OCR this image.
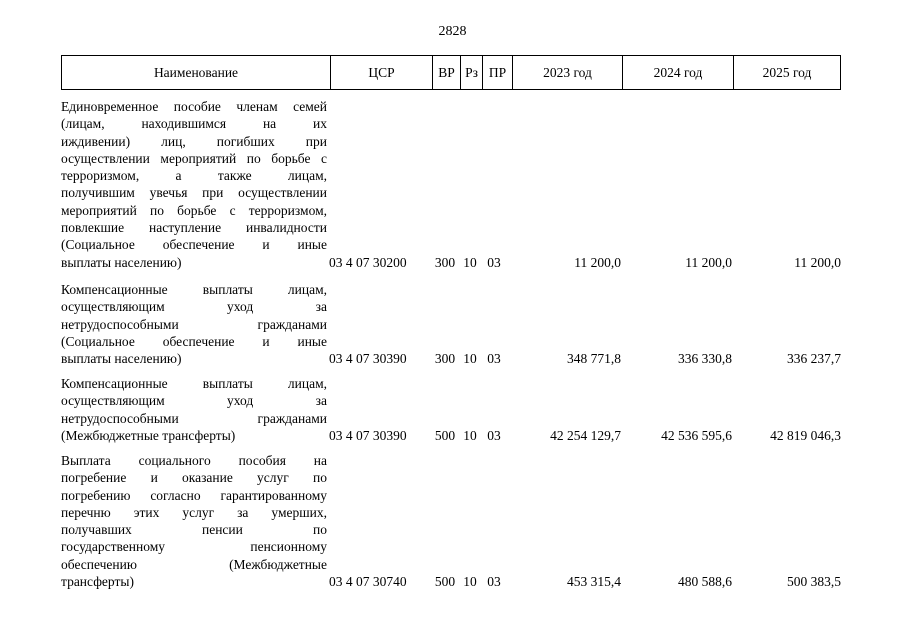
2828
Наименование	ЦСР	ВР Рз ПР	2023 год	2024 год	2025 год
Единовременное пособие членам семей
(лицам, находившимся на их
иждивении) лиц, погибших при
осуществлении мероприятий по борьбе с
терроризмом, а также лицам,
получившим увечья при осуществлении
мероприятий по борьбе с терроризмом,
повлекшие наступление инвалидности
(Социальное обеспечение и иные
выплаты населению)	03 4 07 30200	300 10 03	11 200,0	11 200,0	11 200,0
Компенсационные выплаты лицам,
осуществляющим уход за
нетрудоспособными гражданами
(Социальное обеспечение и иные
выплаты населению)	03 4 07 30390	300 10 03	348 771,8	336 330,8	336 237,7
Компенсационные выплаты лицам,
осуществляющим уход за
нетрудоспособными гражданами
(Межбюджетные трансферты)	03 4 07 30390	500 10 03	42 254 129,7	42 536 595,6	42 819 046,3
Выплата социального пособия на
погребение и оказание услуг по
погребению согласно гарантированному
перечню этих услуг за умерших,
получавших пенсии по
государственному пенсионному
обеспечению (Межбюджетные
трансферты)	03 4 07 30740	500 10 03	453 315,4	480 588,6	500 383,5
